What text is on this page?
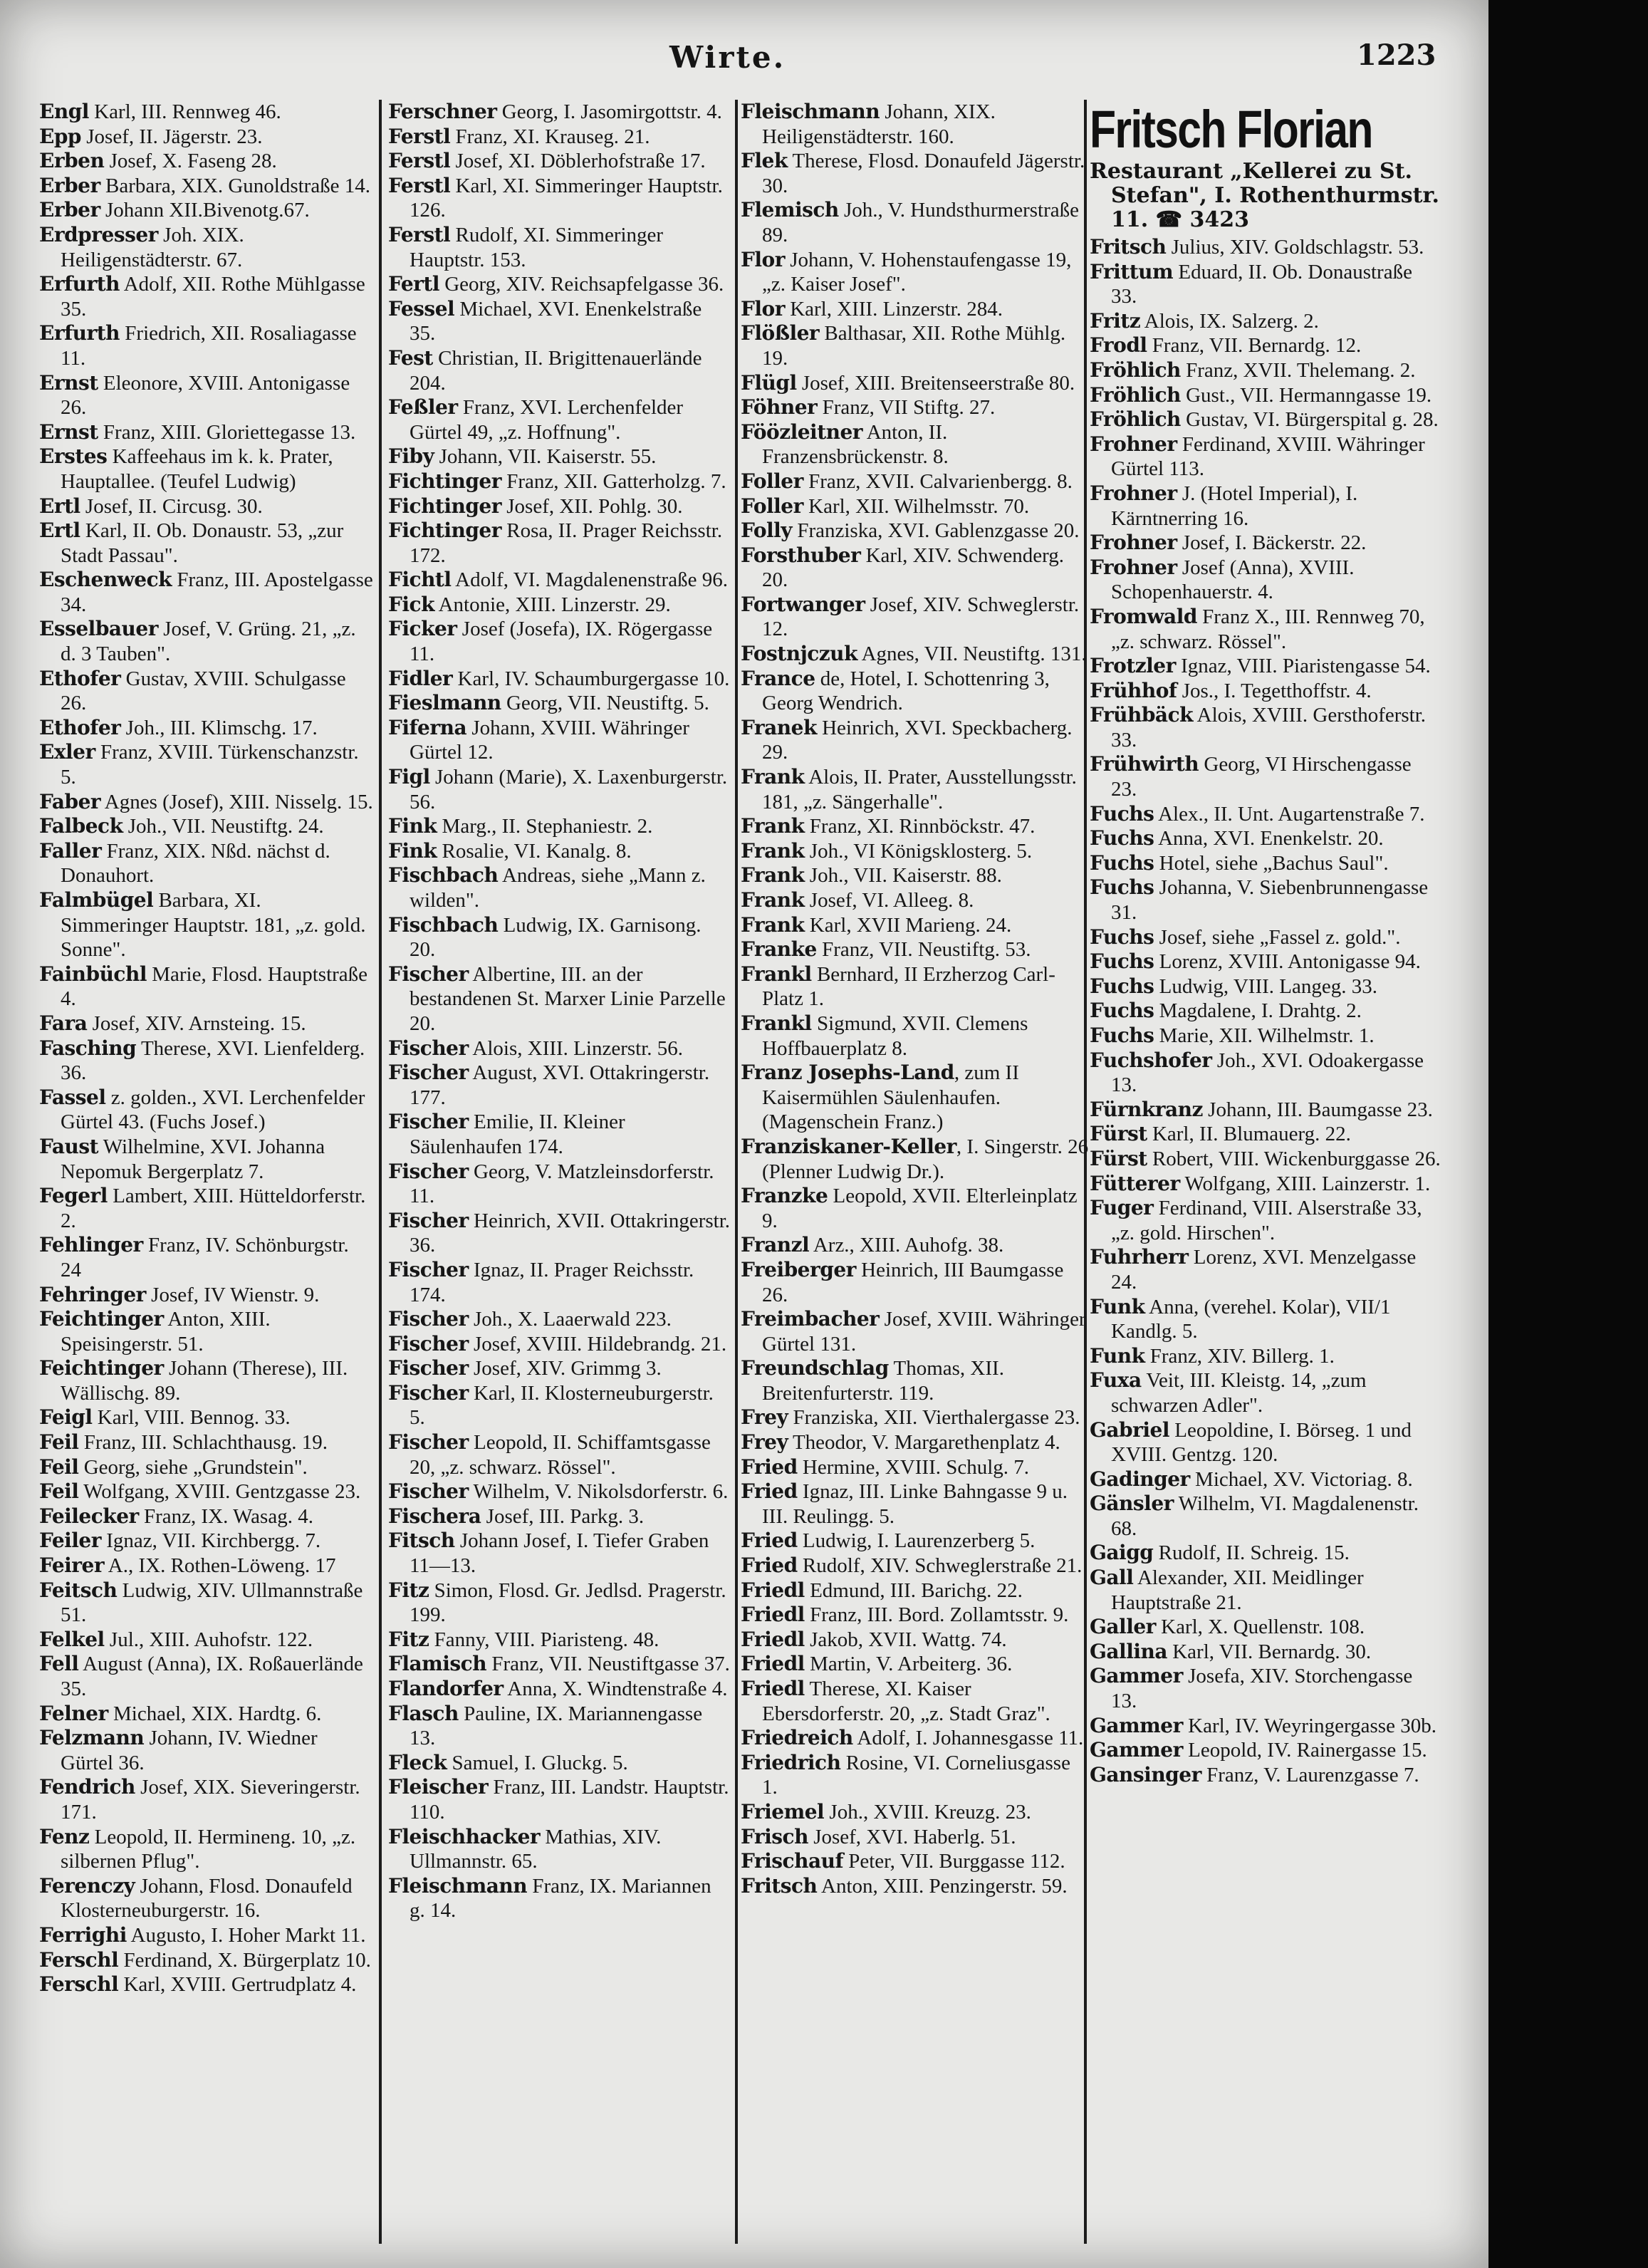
Wirte.	1223

Engl Karl, III. Rennweg 46.

Epp Josef, II. Jägerstr. 23.

Erben Josef, X. Faseng 28.

Erber Barbara, XIX. Gunoldstraße 14.

Erber Johann XII.Bivenotg.67.

Erdpresser Joh. XIX. Heiligenstädterstr. 67.

Erfurth Adolf, XII. Rothe Mühlgasse 35.

Erfurth Friedrich, XII. Rosaliagasse 11.

Ernst Eleonore, XVIII. Antonigasse 26.

Ernst Franz, XIII. Gloriettegasse 13.

Erstes Kaffeehaus im k. k. Prater, Hauptallee. (Teufel Ludwig)

Ertl Josef, II. Circusg. 30.

Ertl Karl, II. Ob. Donaustr. 53, „zur Stadt Passau".

Eschenweck Franz, III. Apostelgasse 34.

Esselbauer Josef, V. Grüng. 21, „z. d. 3 Tauben".

Ethofer Gustav, XVIII. Schulgasse 26.

Ethofer Joh., III. Klimschg. 17.

Exler Franz, XVIII. Türkenschanzstr. 5.

Faber Agnes (Josef), XIII. Nisselg. 15.

Falbeck Joh., VII. Neustiftg. 24.

Faller Franz, XIX. Nßd. nächst d. Donauhort.

Falmbügel Barbara, XI. Simmeringer Hauptstr. 181, „z. gold. Sonne".

Fainbüchl Marie, Flosd. Hauptstraße 4.

Fara Josef, XIV. Arnsteing. 15.

Fasching Therese, XVI. Lienfelderg. 36.

Fassel z. golden., XVI. Lerchenfelder Gürtel 43. (Fuchs Josef.)

Faust Wilhelmine, XVI. Johanna Nepomuk Bergerplatz 7.

Fegerl Lambert, XIII. Hütteldorferstr. 2.

Fehlinger Franz, IV. Schönburgstr. 24

Fehringer Josef, IV Wienstr. 9.

Feichtinger Anton, XIII. Speisingerstr. 51.

Feichtinger Johann (Therese), III. Wällischg. 89.

Feigl Karl, VIII. Bennog. 33.

Feil Franz, III. Schlachthausg. 19.

Feil Georg, siehe „Grundstein".

Feil Wolfgang, XVIII. Gentzgasse 23.

Feilecker Franz, IX. Wasag. 4.

Feiler Ignaz, VII. Kirchbergg. 7.

Feirer A., IX. Rothen-Löweng. 17

Feitsch Ludwig, XIV. Ullmannstraße 51.

Felkel Jul., XIII. Auhofstr. 122.

Fell August (Anna), IX. Roßauerlände 35.

Felner Michael, XIX. Hardtg. 6.

Felzmann Johann, IV. Wiedner Gürtel 36.

Fendrich Josef, XIX. Sieveringerstr. 171.

Fenz Leopold, II. Hermineng. 10, „z. silbernen Pflug".

Ferenczy Johann, Flosd. Donaufeld Klosterneuburgerstr. 16.

Ferrighi Augusto, I. Hoher Markt 11.

Ferschl Ferdinand, X. Bürgerplatz 10.

Ferschl Karl, XVIII. Gertrudplatz 4.

Ferschner Georg, I. Jasomirgottstr. 4.

Ferstl Franz, XI. Krauseg. 21.

Ferstl Josef, XI. Döblerhofstraße 17.

Ferstl Karl, XI. Simmeringer Hauptstr. 126.

Ferstl Rudolf, XI. Simmeringer Hauptstr. 153.

Fertl Georg, XIV. Reichsapfelgasse 36.

Fessel Michael, XVI. Enenkelstraße 35.

Fest Christian, II. Brigittenauerlände 204.

Feßler Franz, XVI. Lerchenfelder Gürtel 49, „z. Hoffnung".

Fiby Johann, VII. Kaiserstr. 55.

Fichtinger Franz, XII. Gatterholzg. 7.

Fichtinger Josef, XII. Pohlg. 30.

Fichtinger Rosa, II. Prager Reichsstr. 172.

Fichtl Adolf, VI. Magdalenenstraße 96.

Fick Antonie, XIII. Linzerstr. 29.

Ficker Josef (Josefa), IX. Rögergasse 11.

Fidler Karl, IV. Schaumburgergasse 10.

Fieslmann Georg, VII. Neustiftg. 5.

Fiferna Johann, XVIII. Währinger Gürtel 12.

Figl Johann (Marie), X. Laxenburgerstr. 56.

Fink Marg., II. Stephaniestr. 2.

Fink Rosalie, VI. Kanalg. 8.

Fischbach Andreas, siehe „Mann z. wilden".

Fischbach Ludwig, IX. Garnisong. 20.

Fischer Albertine, III. an der bestandenen St. Marxer Linie Parzelle 20.

Fischer Alois, XIII. Linzerstr. 56.

Fischer August, XVI. Ottakringerstr. 177.

Fischer Emilie, II. Kleiner Säulenhaufen 174.

Fischer Georg, V. Matzleinsdorferstr. 11.

Fischer Heinrich, XVII. Ottakringerstr. 36.

Fischer Ignaz, II. Prager Reichsstr. 174.

Fischer Joh., X. Laaerwald 223.

Fischer Josef, XVIII. Hildebrandg. 21.

Fischer Josef, XIV. Grimmg 3.

Fischer Karl, II. Klosterneuburgerstr. 5.

Fischer Leopold, II. Schiffamtsgasse 20, „z. schwarz. Rössel".

Fischer Wilhelm, V. Nikolsdorferstr. 6.

Fischera Josef, III. Parkg. 3.

Fitsch Johann Josef, I. Tiefer Graben 11—13.

Fitz Simon, Flosd. Gr. Jedlsd. Pragerstr. 199.

Fitz Fanny, VIII. Piaristeng. 48.

Flamisch Franz, VII. Neustiftgasse 37.

Flandorfer Anna, X. Windtenstraße 4.

Flasch Pauline, IX. Mariannengasse 13.

Fleck Samuel, I. Gluckg. 5.

Fleischer Franz, III. Landstr. Hauptstr. 110.

Fleischhacker Mathias, XIV. Ullmannstr. 65.

Fleischmann Franz, IX. Mariannen g. 14.

Fleischmann Johann, XIX. Heiligenstädterstr. 160.

Flek Therese, Flosd. Donaufeld Jägerstr. 30.

Flemisch Joh., V. Hundsthurmerstraße 89.

Flor Johann, V. Hohenstaufengasse 19, „z. Kaiser Josef".

Flor Karl, XIII. Linzerstr. 284.

Flößler Balthasar, XII. Rothe Mühlg. 19.

Flügl Josef, XIII. Breitenseerstraße 80.

Föhner Franz, VII Stiftg. 27.

Föözleitner Anton, II. Franzensbrückenstr. 8.

Foller Franz, XVII. Calvarienbergg. 8.

Foller Karl, XII. Wilhelmsstr. 70.

Folly Franziska, XVI. Gablenzgasse 20.

Forsthuber Karl, XIV. Schwenderg. 20.

Fortwanger Josef, XIV. Schweglerstr. 12.

Fostnjczuk Agnes, VII. Neustiftg. 131.

France de, Hotel, I. Schottenring 3, Georg Wendrich.

Franek Heinrich, XVI. Speckbacherg. 29.

Frank Alois, II. Prater, Ausstellungsstr. 181, „z. Sängerhalle".

Frank Franz, XI. Rinnböckstr. 47.

Frank Joh., VI Königsklosterg. 5.

Frank Joh., VII. Kaiserstr. 88.

Frank Josef, VI. Alleeg. 8.

Frank Karl, XVII Marieng. 24.

Franke Franz, VII. Neustiftg. 53.

Frankl Bernhard, II Erzherzog Carl-Platz 1.

Frankl Sigmund, XVII. Clemens Hoffbauerplatz 8.

Franz Josephs-Land, zum II Kaisermühlen Säulenhaufen. (Magenschein Franz.)

Franziskaner-Keller, I. Singerstr. 26 (Plenner Ludwig Dr.).

Franzke Leopold, XVII. Elterleinplatz 9.

Franzl Arz., XIII. Auhofg. 38.

Freiberger Heinrich, III Baumgasse 26.

Freimbacher Josef, XVIII. Währinger Gürtel 131.

Freundschlag Thomas, XII. Breitenfurterstr. 119.

Frey Franziska, XII. Vierthalergasse 23.

Frey Theodor, V. Margarethenplatz 4.

Fried Hermine, XVIII. Schulg. 7.

Fried Ignaz, III. Linke Bahngasse 9 u. III. Reulingg. 5.

Fried Ludwig, I. Laurenzerberg 5.

Fried Rudolf, XIV. Schweglerstraße 21.

Friedl Edmund, III. Barichg. 22.

Friedl Franz, III. Bord. Zollamtsstr. 9.

Friedl Jakob, XVII. Wattg. 74.

Friedl Martin, V. Arbeiterg. 36.

Friedl Therese, XI. Kaiser Ebersdorferstr. 20, „z. Stadt Graz".

Friedreich Adolf, I. Johannesgasse 11.

Friedrich Rosine, VI. Corneliusgasse 1.

Friemel Joh., XVIII. Kreuzg. 23.

Frisch Josef, XVI. Haberlg. 51.

Frischauf Peter, VII. Burggasse 112.

Fritsch Anton, XIII. Penzingerstr. 59.

Fritsch Florian
Restaurant „Kellerei zu St. Stefan", I. Rothenthurmstr. 11. ☎ 3423

Fritsch Julius, XIV. Goldschlagstr. 53.

Frittum Eduard, II. Ob. Donaustraße 33.

Fritz Alois, IX. Salzerg. 2.

Frodl Franz, VII. Bernardg. 12.

Fröhlich Franz, XVII. Thelemang. 2.

Fröhlich Gust., VII. Hermanngasse 19.

Fröhlich Gustav, VI. Bürgerspital g. 28.

Frohner Ferdinand, XVIII. Währinger Gürtel 113.

Frohner J. (Hotel Imperial), I. Kärntnerring 16.

Frohner Josef, I. Bäckerstr. 22.

Frohner Josef (Anna), XVIII. Schopenhauerstr. 4.

Fromwald Franz X., III. Rennweg 70, „z. schwarz. Rössel".

Frotzler Ignaz, VIII. Piaristengasse 54.

Frühhof Jos., I. Tegetthoffstr. 4.

Frühbäck Alois, XVIII. Gersthoferstr. 33.

Frühwirth Georg, VI Hirschengasse 23.

Fuchs Alex., II. Unt. Augartenstraße 7.

Fuchs Anna, XVI. Enenkelstr. 20.

Fuchs Hotel, siehe „Bachus Saul".

Fuchs Johanna, V. Siebenbrunnengasse 31.

Fuchs Josef, siehe „Fassel z. gold.".

Fuchs Lorenz, XVIII. Antonigasse 94.

Fuchs Ludwig, VIII. Langeg. 33.

Fuchs Magdalene, I. Drahtg. 2.

Fuchs Marie, XII. Wilhelmstr. 1.

Fuchshofer Joh., XVI. Odoakergasse 13.

Fürnkranz Johann, III. Baumgasse 23.

Fürst Karl, II. Blumauerg. 22.

Fürst Robert, VIII. Wickenburggasse 26.

Fütterer Wolfgang, XIII. Lainzerstr. 1.

Fuger Ferdinand, VIII. Alserstraße 33, „z. gold. Hirschen".

Fuhrherr Lorenz, XVI. Menzelgasse 24.

Funk Anna, (verehel. Kolar), VII/1 Kandlg. 5.

Funk Franz, XIV. Billerg. 1.

Fuxa Veit, III. Kleistg. 14, „zum schwarzen Adler".

Gabriel Leopoldine, I. Börseg. 1 und XVIII. Gentzg. 120.

Gadinger Michael, XV. Victoriag. 8.

Gänsler Wilhelm, VI. Magdalenenstr. 68.

Gaigg Rudolf, II. Schreig. 15.

Gall Alexander, XII. Meidlinger Hauptstraße 21.

Galler Karl, X. Quellenstr. 108.

Gallina Karl, VII. Bernardg. 30.

Gammer Josefa, XIV. Storchengasse 13.

Gammer Karl, IV. Weyringergasse 30b.

Gammer Leopold, IV. Rainergasse 15.

Gansinger Franz, V. Laurenzgasse 7.
